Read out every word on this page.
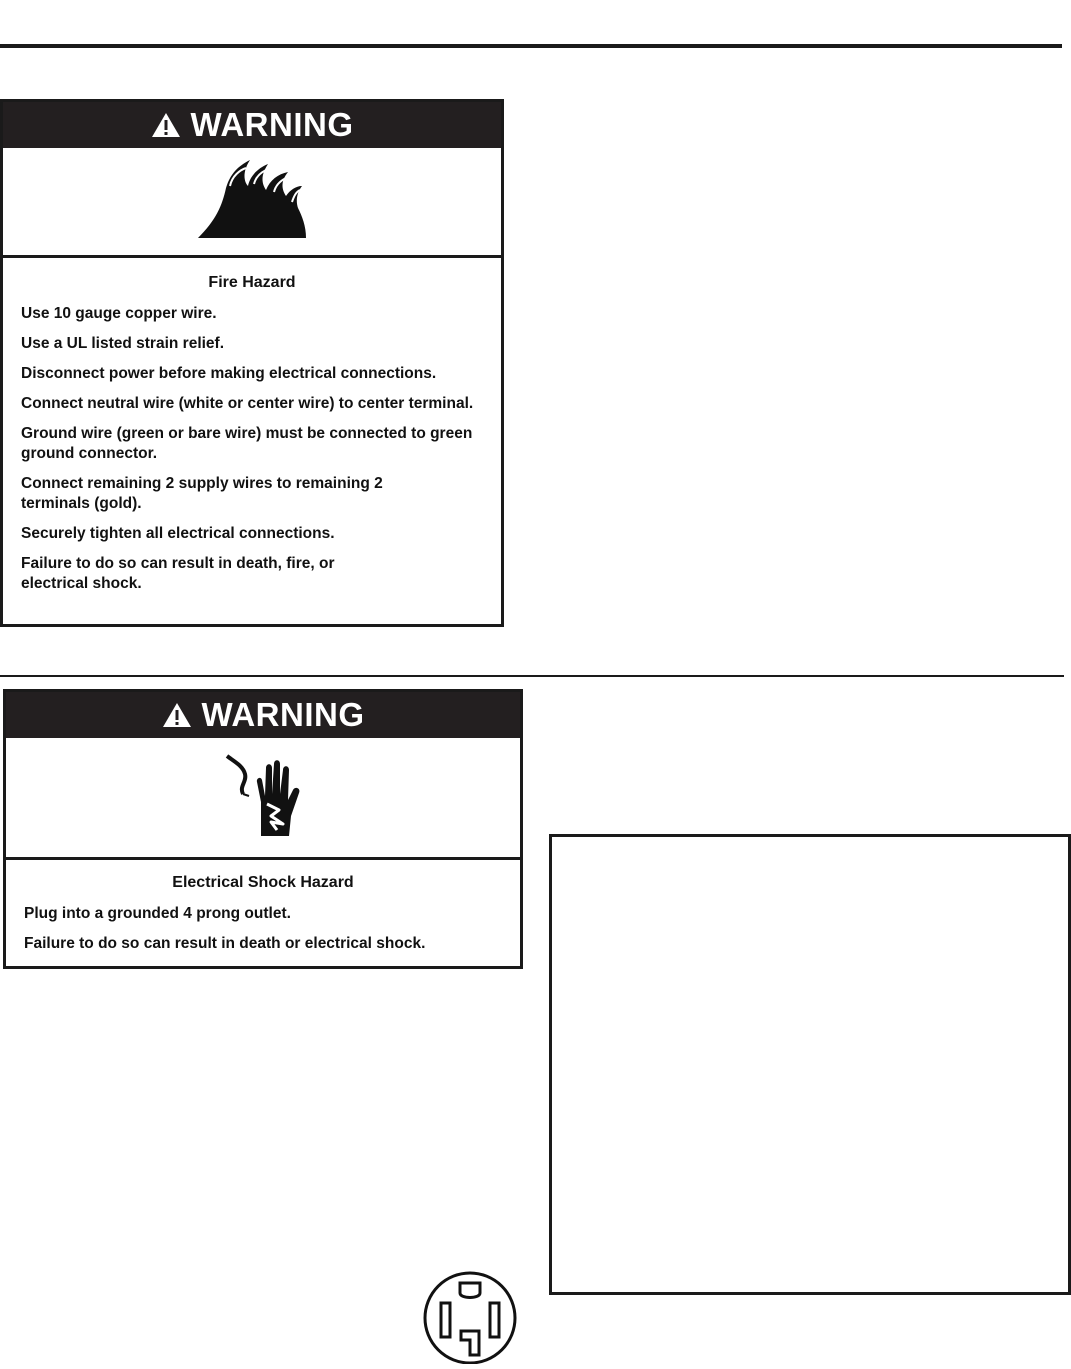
WARNING

Fire Hazard

Use 10 gauge copper wire.

Use a UL listed strain relief.

Disconnect power before making electrical connections.

Connect neutral wire (white or center wire) to center terminal.

Ground wire (green or bare wire) must be connected to green ground connector.

Connect remaining 2 supply wires to remaining 2 terminals (gold).

Securely tighten all electrical connections.

Failure to do so can result in death, fire, or electrical shock.

WARNING

Electrical Shock Hazard

Plug into a grounded 4 prong outlet.

Failure to do so can result in death or electrical shock.
